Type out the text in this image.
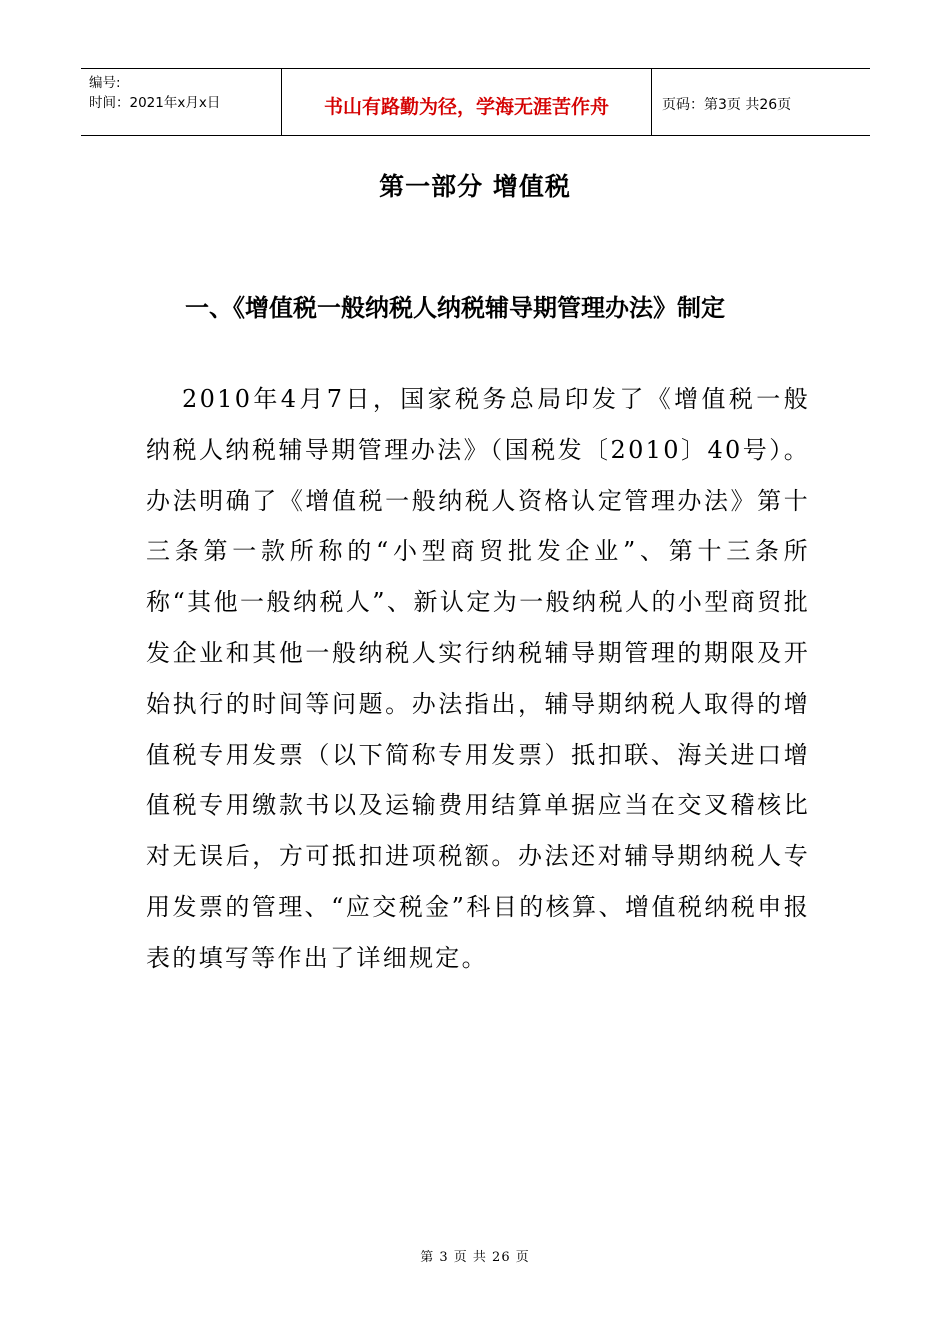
编号:
时间：2021年x月x日	书山有路勤为径，学海无涯苦作舟	页码：第3页 共26页
第一部分 增值税
一、《增值税一般纳税人纳税辅导期管理办法》制定

2010年4月7日，国家税务总局印发了《增值税一般纳税人纳税辅导期管理办法》（国税发〔2010〕40号）。办法明确了《增值税一般纳税人资格认定管理办法》第十三条第一款所称的“小型商贸批发企业”、第十三条所称“其他一般纳税人”、新认定为一般纳税人的小型商贸批发企业和其他一般纳税人实行纳税辅导期管理的期限及开始执行的时间等问题。办法指出，辅导期纳税人取得的增值税专用发票（以下简称专用发票）抵扣联、海关进口增值税专用缴款书以及运输费用结算单据应当在交叉稽核比对无误后，方可抵扣进项税额。办法还对辅导期纳税人专用发票的管理、“应交税金”科目的核算、增值税纳税申报表的填写等作出了详细规定。

第 3 页 共 26 页
